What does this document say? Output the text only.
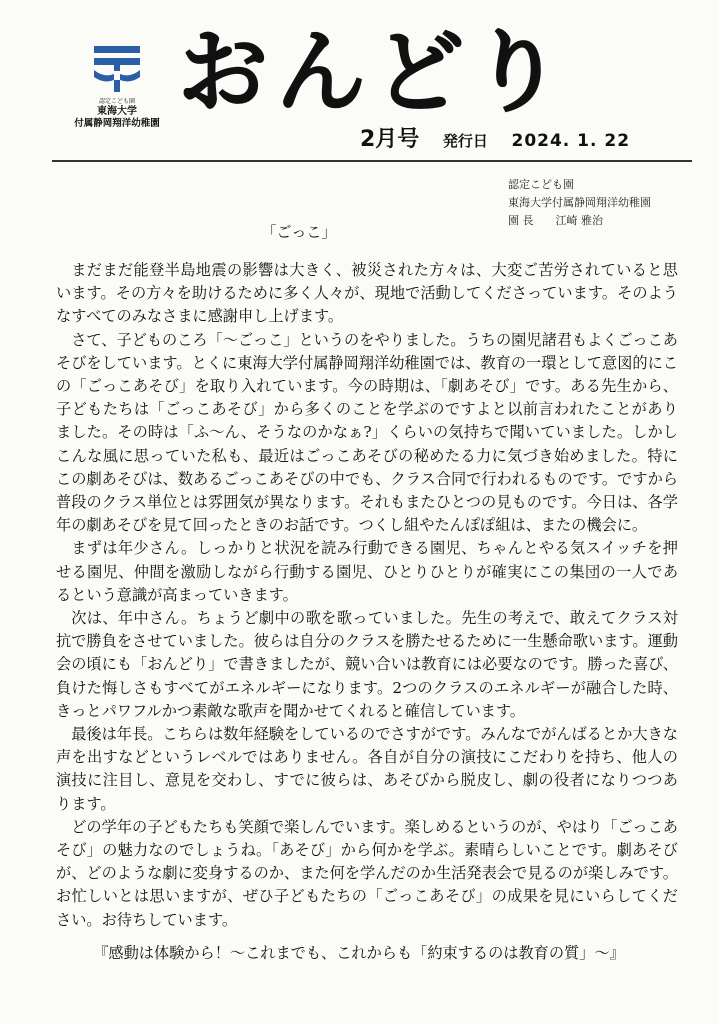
認定こども園
東海大学
付属静岡翔洋幼稚園 おんどり
2月号 発行日 2024. 1. 22
認定こども園
東海大学付属静岡翔洋幼稚園
園 長 江崎 雅治
「ごっこ」

まだまだ能登半島地震の影響は大きく、被災された方々は、大変ご苦労されていると思います。その方々を助けるために多く人々が、現地で活動してくださっています。そのようなすべてのみなさまに感謝申し上げます。

さて、子どものころ「～ごっこ」というのをやりました。うちの園児諸君もよくごっこあそびをしています。とくに東海大学付属静岡翔洋幼稚園では、教育の一環として意図的にこの「ごっこあそび」を取り入れています。今の時期は、「劇あそび」です。ある先生から、子どもたちは「ごっこあそび」から多くのことを学ぶのですよと以前言われたことがありました。その時は「ふ～ん、そうなのかなぁ?」くらいの気持ちで聞いていました。しかしこんな風に思っていた私も、最近はごっこあそびの秘めたる力に気づき始めました。特にこの劇あそびは、数あるごっこあそびの中でも、クラス合同で行われるものです。ですから普段のクラス単位とは雰囲気が異なります。それもまたひとつの見ものです。今日は、各学年の劇あそびを見て回ったときのお話です。つくし組やたんぽぽ組は、またの機会に。

まずは年少さん。しっかりと状況を読み行動できる園児、ちゃんとやる気スイッチを押せる園児、仲間を激励しながら行動する園児、ひとりひとりが確実にこの集団の一人であるという意識が高まっていきます。

次は、年中さん。ちょうど劇中の歌を歌っていました。先生の考えで、敢えてクラス対抗で勝負をさせていました。彼らは自分のクラスを勝たせるために一生懸命歌います。運動会の頃にも「おんどり」で書きましたが、競い合いは教育には必要なのです。勝った喜び、負けた悔しさもすべてがエネルギーになります。2つのクラスのエネルギーが融合した時、きっとパワフルかつ素敵な歌声を聞かせてくれると確信しています。

最後は年長。こちらは数年経験をしているのでさすがです。みんなでがんばるとか大きな声を出すなどというレベルではありません。各自が自分の演技にこだわりを持ち、他人の演技に注目し、意見を交わし、すでに彼らは、あそびから脱皮し、劇の役者になりつつあります。

どの学年の子どもたちも笑顔で楽しんでいます。楽しめるというのが、やはり「ごっこあそび」の魅力なのでしょうね。「あそび」から何かを学ぶ。素晴らしいことです。劇あそびが、どのような劇に変身するのか、また何を学んだのか生活発表会で見るのが楽しみです。お忙しいとは思いますが、ぜひ子どもたちの「ごっこあそび」の成果を見にいらしてください。お待ちしています。

『感動は体験から！～これまでも、これからも「約束するのは教育の質」～』
